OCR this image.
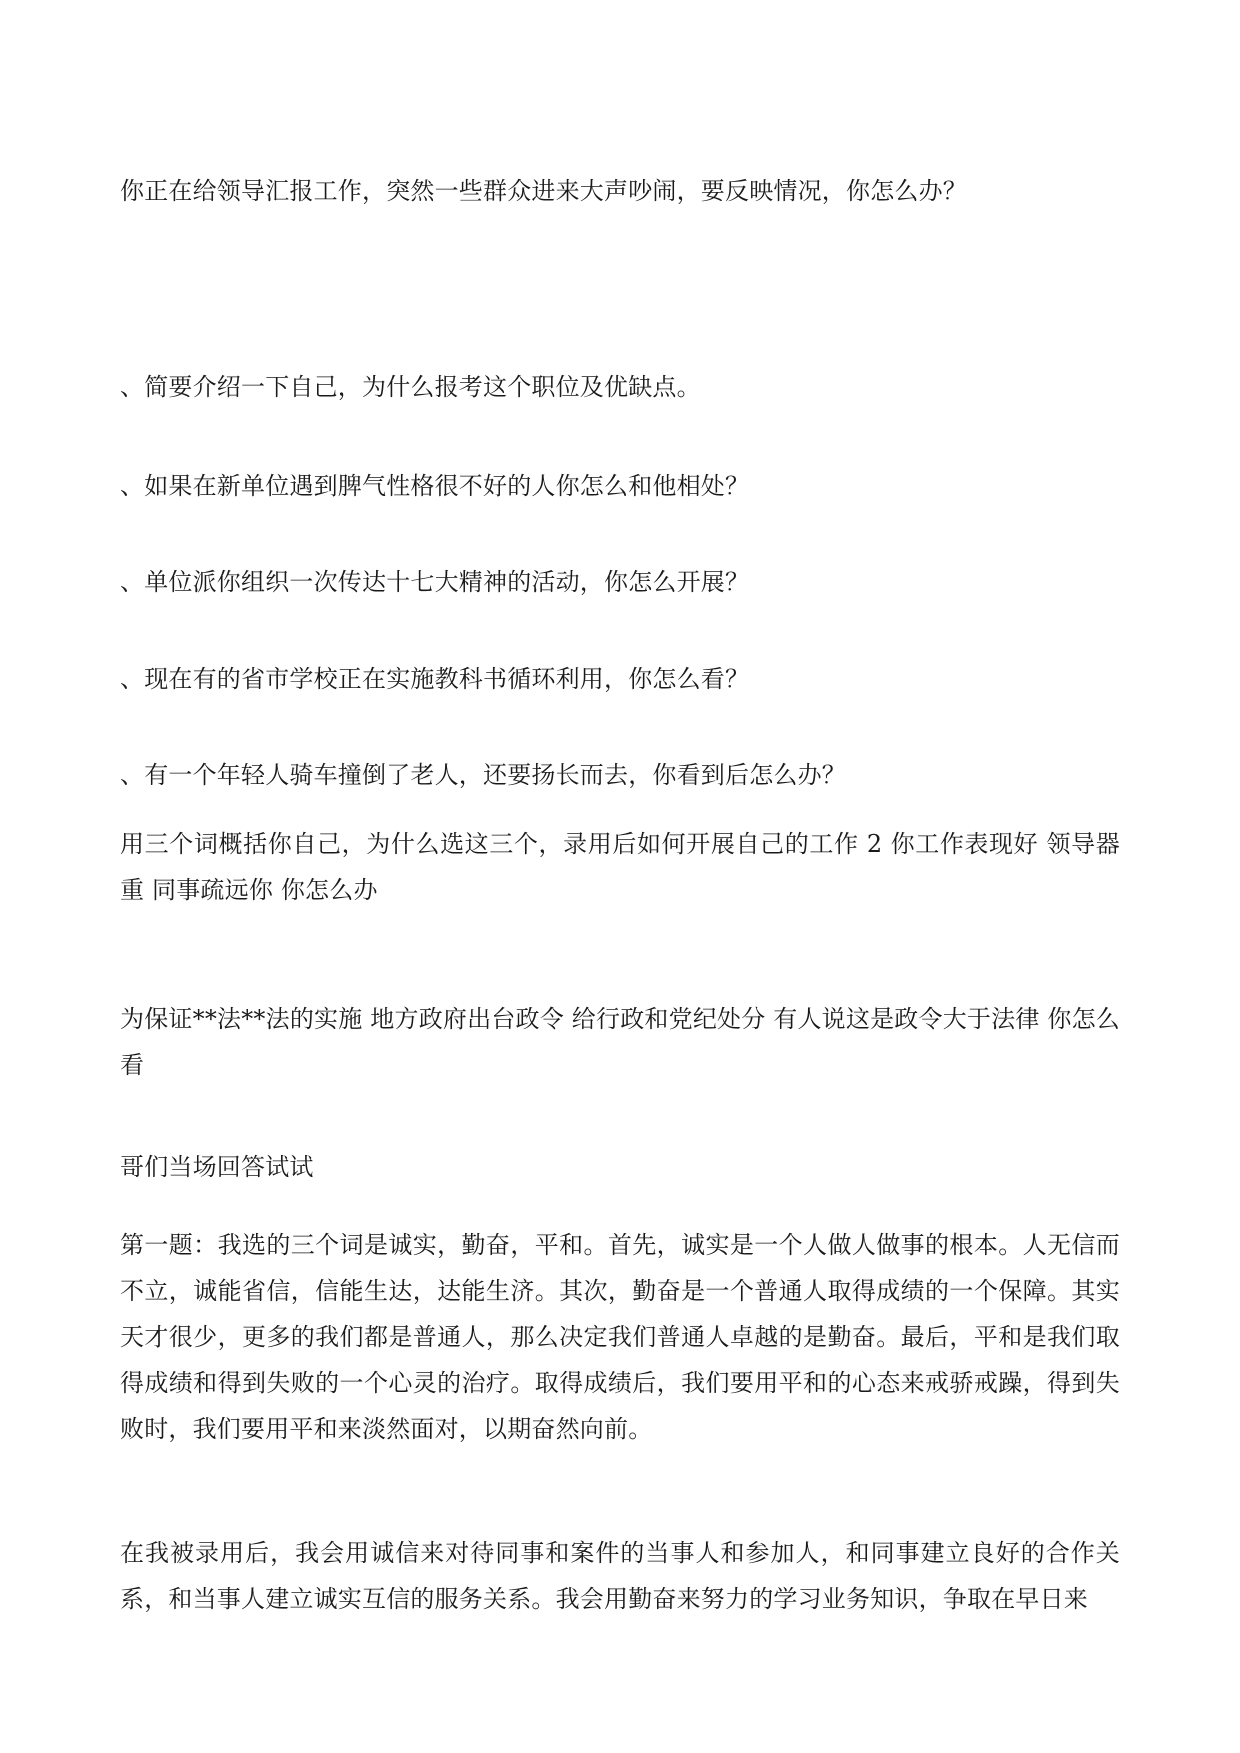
你正在给领导汇报工作，突然一些群众进来大声吵闹，要反映情况，你怎么办？

、简要介绍一下自己，为什么报考这个职位及优缺点。

、如果在新单位遇到脾气性格很不好的人你怎么和他相处？

、单位派你组织一次传达十七大精神的活动，你怎么开展？

、现在有的省市学校正在实施教科书循环利用，你怎么看？

、有一个年轻人骑车撞倒了老人，还要扬长而去，你看到后怎么办？

用三个词概括你自己，为什么选这三个，录用后如何开展自己的工作 2 你工作表现好 领导器重 同事疏远你 你怎么办

为保证**法**法的实施 地方政府出台政令 给行政和党纪处分 有人说这是政令大于法律 你怎么看

哥们当场回答试试

第一题：我选的三个词是诚实，勤奋，平和。首先，诚实是一个人做人做事的根本。人无信而不立，诚能省信，信能生达，达能生济。其次，勤奋是一个普通人取得成绩的一个保障。其实天才很少，更多的我们都是普通人，那么决定我们普通人卓越的是勤奋。最后，平和是我们取得成绩和得到失败的一个心灵的治疗。取得成绩后，我们要用平和的心态来戒骄戒躁，得到失败时，我们要用平和来淡然面对，以期奋然向前。

在我被录用后，我会用诚信来对待同事和案件的当事人和参加人，和同事建立良好的合作关系，和当事人建立诚实互信的服务关系。我会用勤奋来努力的学习业务知识，争取在早日来
